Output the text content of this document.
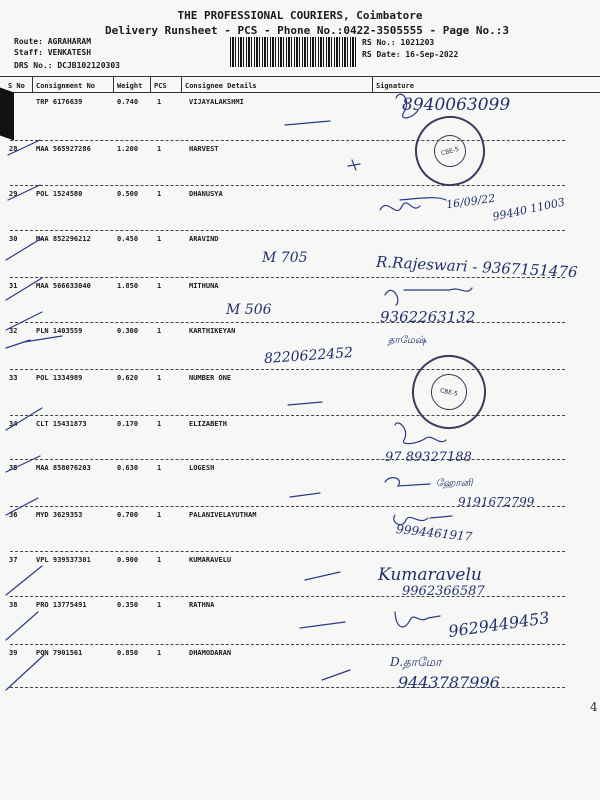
THE PROFESSIONAL COURIERS, Coimbatore
Delivery Runsheet - PCS - Phone No.:0422-3505555 - Page No.:3
Route: AGRAHARAM
Staff: VENKATESH
DRS No.: DCJB102120303
RS No.: 1021203
RS Date: 16-Sep-2022
S No Consignment No	Weight PCS	Consignee Details	Signature
TRP 6176639	0.740	1	VIJAYALAKSHMI
28	MAA 565927286	1.200	1	HARVEST
29	POL 1524580	0.500	1	DHANUSYA
30	MAA 852296212	0.450	1	ARAVIND
31	MAA 566633040	1.850	1	MITHUNA
32	PLN 1403559	0.300	1	KARTHIKEYAN
33	POL 1334989	0.620	1	NUMBER ONE
34	CLT 15431873	0.170	1	ELIZABETH
35	MAA 858076203	0.630	1	LOGESH
36	MYD 3629353	0.700	1	PALANIVELAYUTHAM
37	VPL 939537301	0.900	1	KUMARAVELU
38	PRO 13775491	0.350	1	RATHNA
39	PON 7901561	0.850	1	DHAMODARAN
8940063099
M 705
M 506
8220622452
R.Rajeswari - 9367151476
9362263132
16/09/22
99440 11003
97 89327188
9191672799
9994461917
Kumaravelu
9962366587
9629449453
9443787996
தாமேஷ்
ஹோனி
D.தாமோ
CBE-5
CBE-5
4
